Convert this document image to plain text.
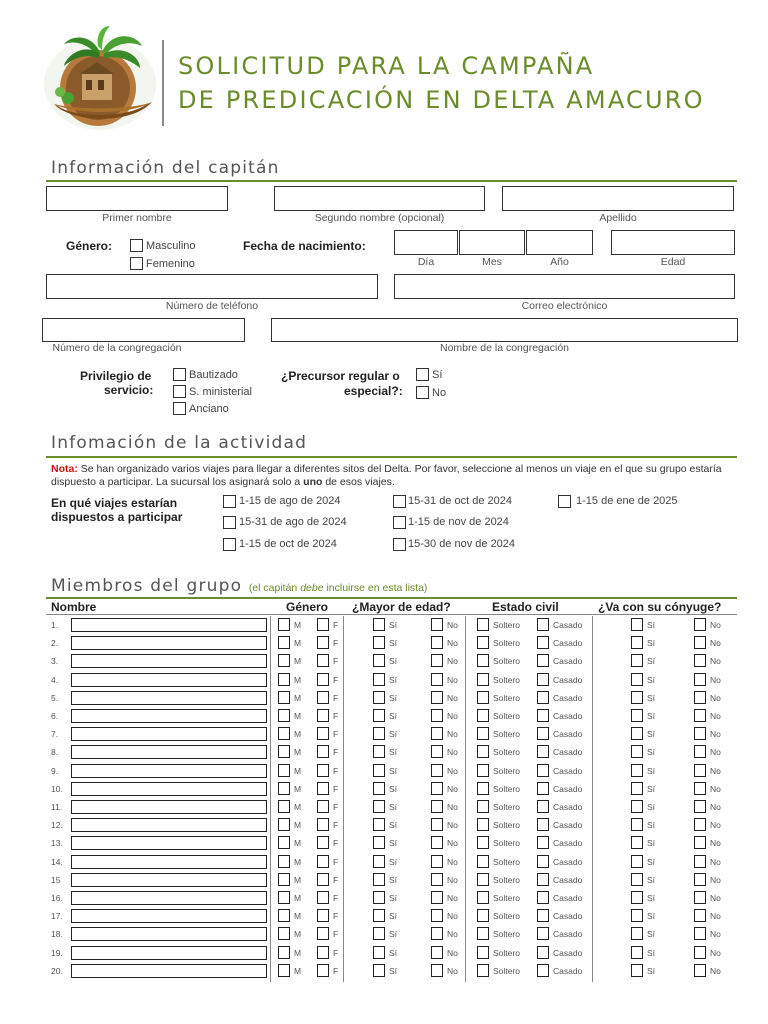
SOLICITUD PARA LA CAMPAÑA
DE PREDICACIÓN EN DELTA AMACURO
Información del capitán
Primer nombre	Segundo nombre (opcional)	Apellido
Género:	Masculino
Femenino
Fecha de nacimiento:
Día	Mes	Año	Edad
Número de teléfono	Correo electrónico
Número de la congregación	Nombre de la congregación
Privilegio de
servicio:
Bautizado
S. ministerial
Anciano
¿Precursor regular o
especial?:
Sí
No
Infomación de la actividad
Nota: Se han organizado varios viajes para llegar a diferentes sitos del Delta. Por favor, seleccione al menos un viaje en el que su grupo estaría dispuesto a participar. La sucursal los asignará solo a uno de esos viajes.
En qué viajes estarían
dispuestos a participar
1-15 de ago de 2024
15-31 de ago de 2024
1-15 de oct de 2024
15-31 de oct de 2024
1-15 de nov de 2024
15-30 de nov de 2024
1-15 de ene de 2025
Miembros del grupo (el capitán debe incluirse en esta lista)
Nombre	Género ¿Mayor de edad?	Estado civil	¿Va con su cónyuge?
1.	M	F	Sí	No	Soltero	Casado	Sí	No
2.	M	F	Sí	No	Soltero	Casado	Sí	No
3.	M	F	Sí	No	Soltero	Casado	Sí	No
4.	M	F	Sí	No	Soltero	Casado	Sí	No
5.	M	F	Sí	No	Soltero	Casado	Sí	No
6.	M	F	Sí	No	Soltero	Casado	Sí	No
7.	M	F	Sí	No	Soltero	Casado	Sí	No
8.	M	F	Sí	No	Soltero	Casado	Sí	No
9.	M	F	Sí	No	Soltero	Casado	Sí	No
10.	M	F	Sí	No	Soltero	Casado	Sí	No
11.	M	F	Sí	No	Soltero	Casado	Sí	No
12.	M	F	Sí	No	Soltero	Casado	Sí	No
13.	M	F	Sí	No	Soltero	Casado	Sí	No
14.	M	F	Sí	No	Soltero	Casado	Sí	No
15	M	F	Sí	No	Soltero	Casado	Sí	No
16.	M	F	Sí	No	Soltero	Casado	Sí	No
17.	M	F	Sí	No	Soltero	Casado	Sí	No
18.	M	F	Sí	No	Soltero	Casado	Sí	No
19.	M	F	Sí	No	Soltero	Casado	Sí	No
20.	M	F	Sí	No	Soltero	Casado	Sí	No
